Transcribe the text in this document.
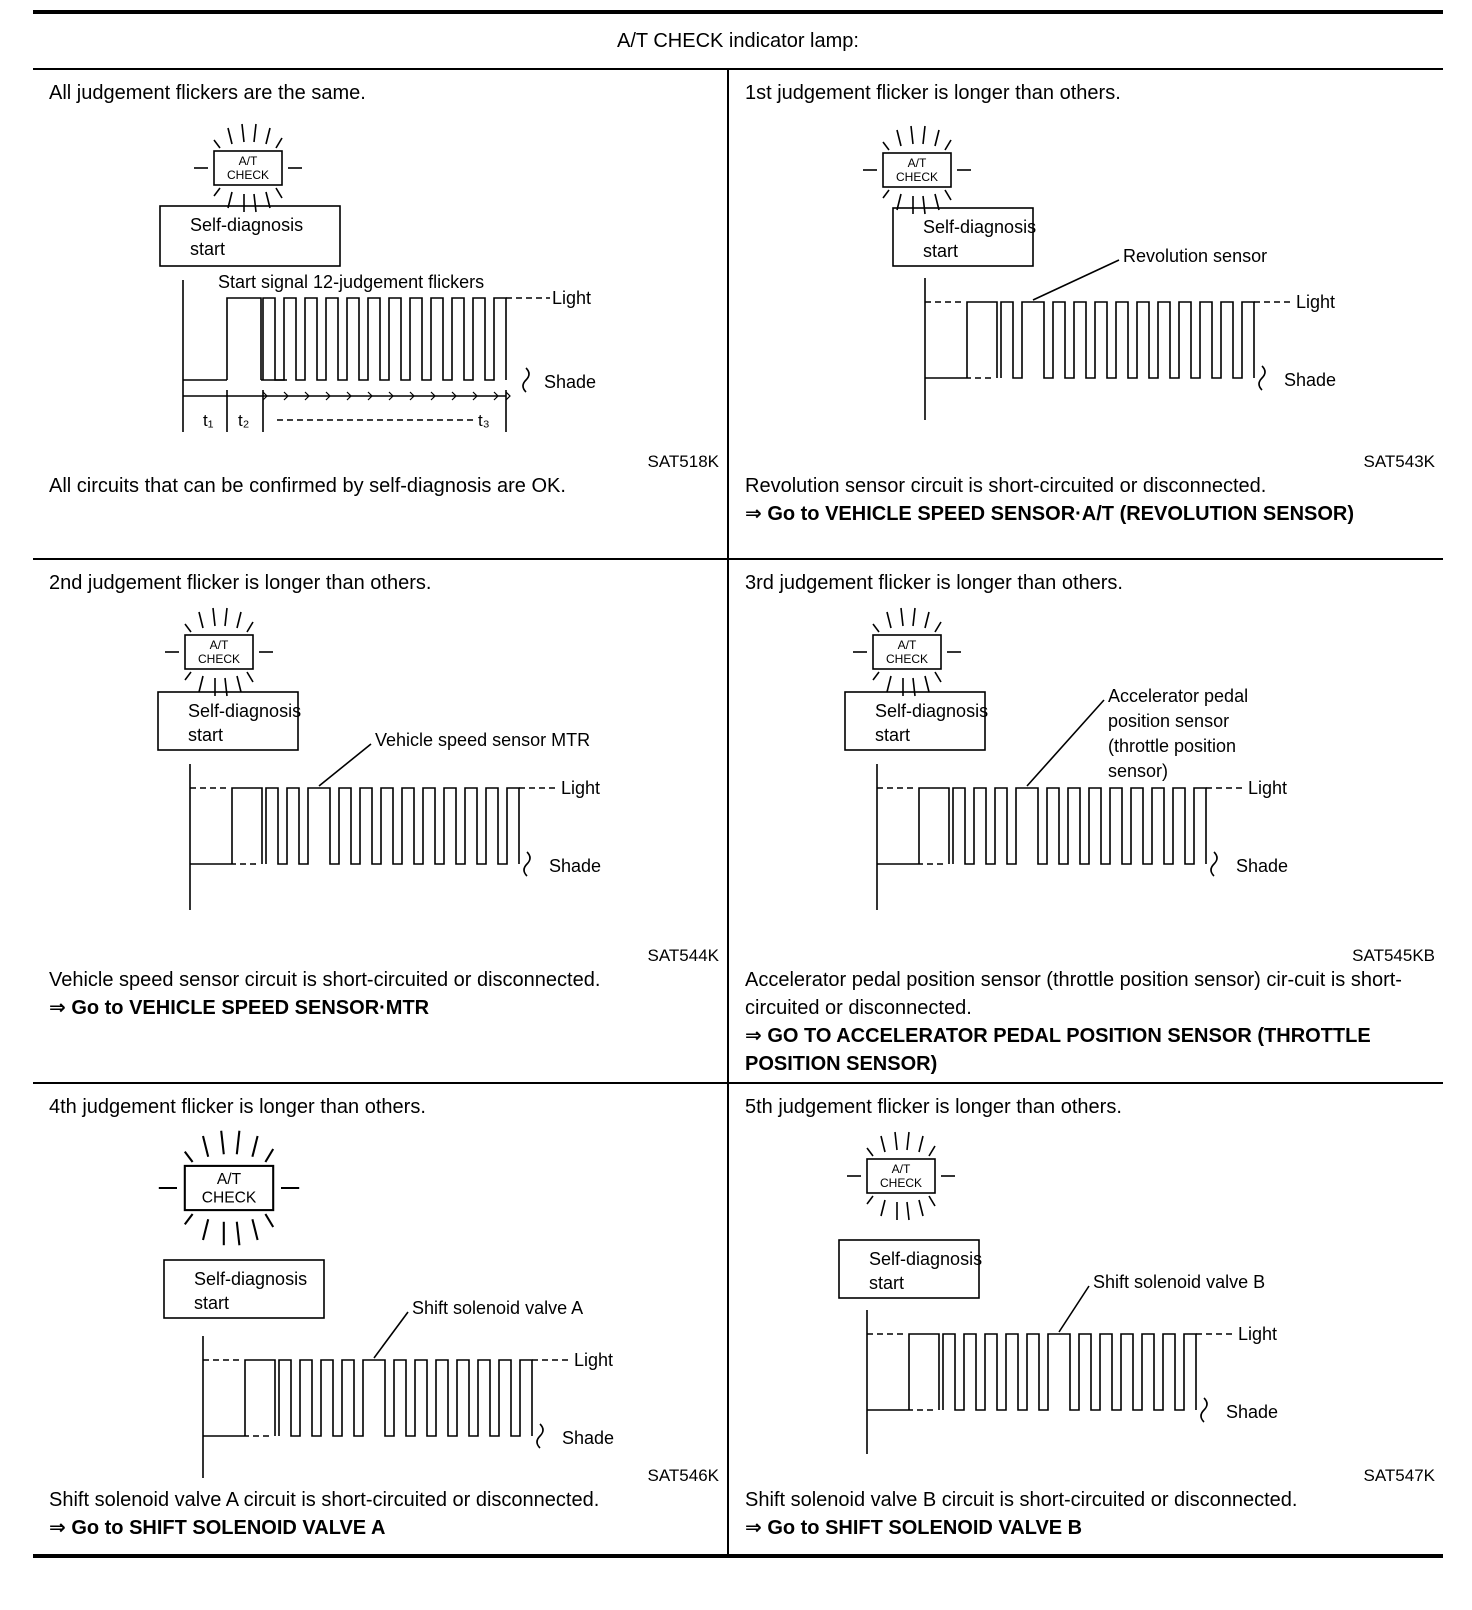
A/T CHECK indicator lamp:
All judgement flickers are the same.
A/T
CHECK
Self-diagnosis
start
Light
Shade
Start signal 12-judgement flickers
t₁ t₂	t₃
SAT518K
All circuits that can be confirmed by self-diagnosis are OK.
1st judgement flicker is longer than others.
A/T
CHECK
Self-diagnosis
start
Light
Shade
Revolution sensor
SAT543K
Revolution sensor circuit is short-circuited or disconnected.
⇒ Go to VEHICLE SPEED SENSOR·A/T (REVOLUTION SENSOR)
2nd judgement flicker is longer than others.
A/T
CHECK
Self-diagnosis
start
Light
Shade
Vehicle speed sensor MTR
SAT544K
Vehicle speed sensor circuit is short-circuited or disconnected.
⇒ Go to VEHICLE SPEED SENSOR·MTR
3rd judgement flicker is longer than others.
A/T
CHECK
Self-diagnosis
start
Light
Shade
Accelerator pedal
position sensor
(throttle position
sensor)
SAT545KB
Accelerator pedal position sensor (throttle position sensor) cir-cuit is short-circuited or disconnected.
⇒ GO TO ACCELERATOR PEDAL POSITION SENSOR (THROTTLE POSITION SENSOR)
4th judgement flicker is longer than others.
A/T
CHECK
Self-diagnosis
start
Light
Shade
Shift solenoid valve A
SAT546K
Shift solenoid valve A circuit is short-circuited or disconnected.
⇒ Go to SHIFT SOLENOID VALVE A
5th judgement flicker is longer than others.
A/T
CHECK
Self-diagnosis
start
Light
Shade
Shift solenoid valve B
SAT547K
Shift solenoid valve B circuit is short-circuited or disconnected.
⇒ Go to SHIFT SOLENOID VALVE B
